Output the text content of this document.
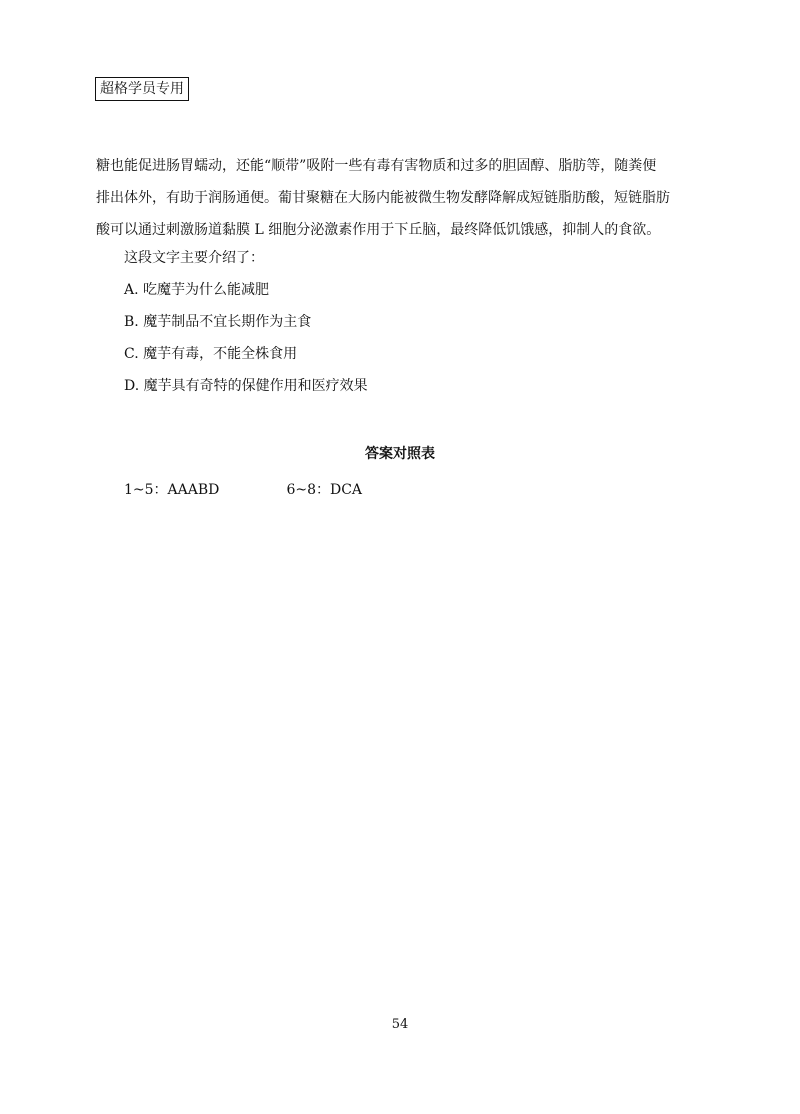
超格学员专用
糖也能促进肠胃蠕动，还能“顺带”吸附一些有毒有害物质和过多的胆固醇、脂肪等，随粪便
排出体外，有助于润肠通便。葡甘聚糖在大肠内能被微生物发酵降解成短链脂肪酸，短链脂肪
酸可以通过刺激肠道黏膜 L 细胞分泌激素作用于下丘脑，最终降低饥饿感，抑制人的食欲。

这段文字主要介绍了：

A. 吃魔芋为什么能减肥
B. 魔芋制品不宜长期作为主食
C. 魔芋有毒，不能全株食用
D. 魔芋具有奇特的保健作用和医疗效果
答案对照表
1~5：AAABD	6~8：DCA
54
